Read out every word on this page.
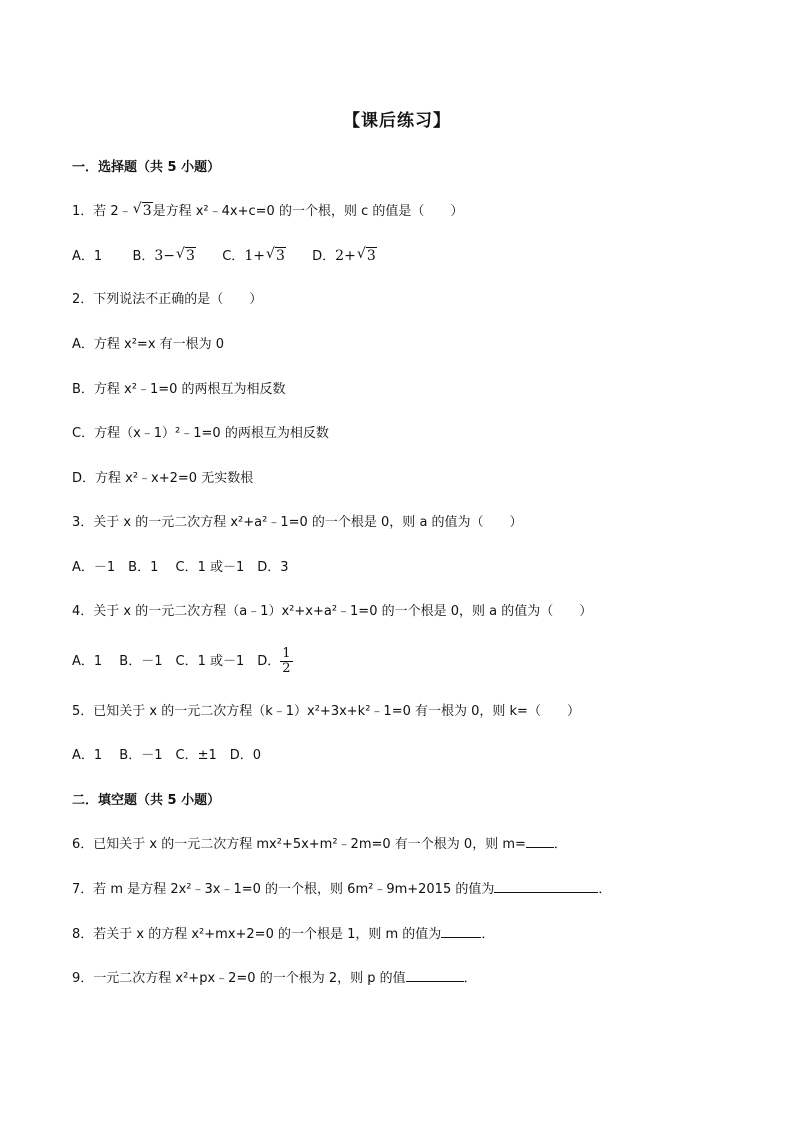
【课后练习】
一．选择题（共 5 小题）
1．若 2﹣ √ 3是方程 x²﹣4x+c=0 的一个根，则 c 的值是（　　）
A．1 B．3− √ 3 C．1+ √ 3 D．2+ √ 3
2．下列说法不正确的是（　　）
A．方程 x²=x 有一根为 0
B．方程 x²﹣1=0 的两根互为相反数
C．方程（x﹣1）²﹣1=0 的两根互为相反数
D．方程 x²﹣x+2=0 无实数根
3．关于 x 的一元二次方程 x²+a²﹣1=0 的一个根是 0，则 a 的值为（　　）
A．－1　B．1　 C．1 或－1　D．3
4．关于 x 的一元二次方程（a﹣1）x²+x+a²﹣1=0 的一个根是 0，则 a 的值为（　　）
A．1　 B．－1　C．1 或－1　D． $\frac{1}{2}$
5．已知关于 x 的一元二次方程（k﹣1）x²+3x+k²﹣1=0 有一根为 0，则 k=（　　）
A．1　 B．－1　C．±1　D．0
二．填空题（共 5 小题）
6．已知关于 x 的一元二次方程 mx²+5x+m²﹣2m=0 有一个根为 0，则 m= ．
7．若 m 是方程 2x²﹣3x﹣1=0 的一个根，则 6m²﹣9m+2015 的值为	．
8．若关于 x 的方程 x²+mx+2=0 的一个根是 1，则 m 的值为	．
9．一元二次方程 x²+px﹣2=0 的一个根为 2，则 p 的值	．
